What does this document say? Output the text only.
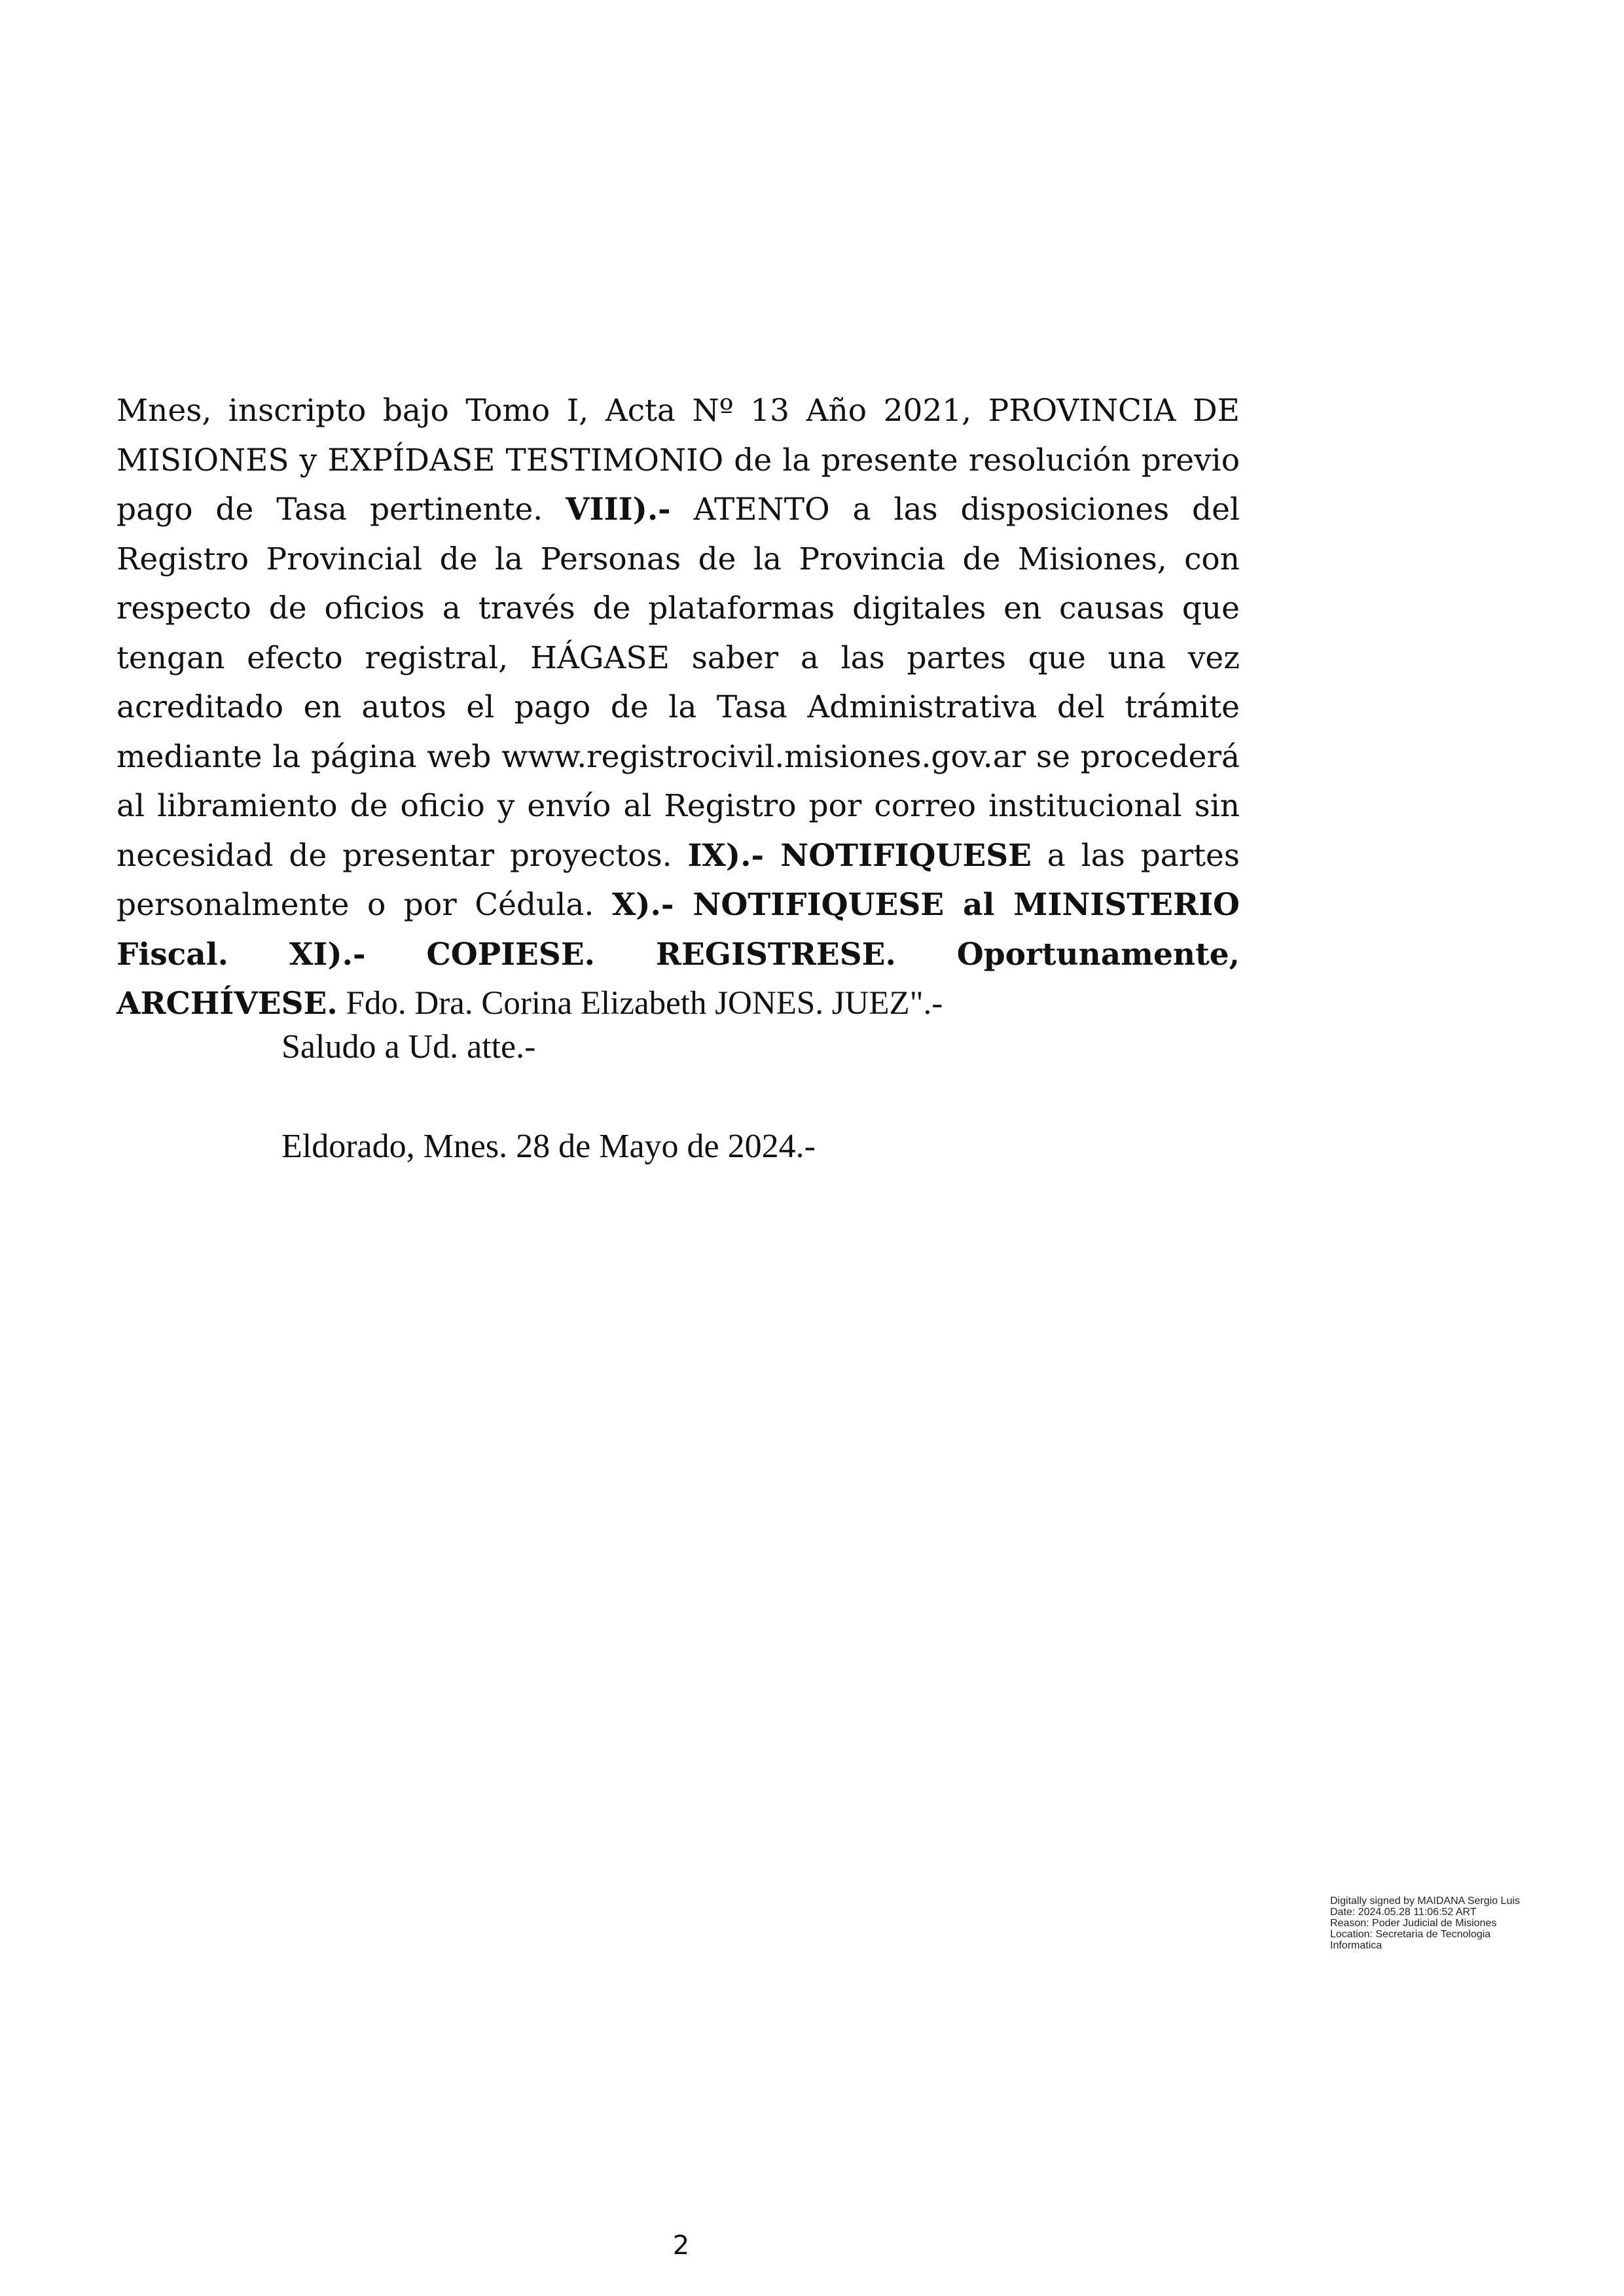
Mnes, inscripto bajo Tomo I, Acta Nº 13 Año 2021, PROVINCIA DE MISIONES y EXPÍDASE TESTIMONIO de la presente resolución previo pago de Tasa pertinente. VIII).- ATENTO a las disposiciones del Registro Provincial de la Personas de la Provincia de Misiones, con respecto de oficios a través de plataformas digitales en causas que tengan efecto registral, HÁGASE saber a las partes que una vez acreditado en autos el pago de la Tasa Administrativa del trámite mediante la página web www.registrocivil.misiones.gov.ar se procederá al libramiento de oficio y envío al Registro por correo institucional sin necesidad de presentar proyectos. IX).- NOTIFIQUESE a las partes personalmente o por Cédula. X).- NOTIFIQUESE al MINISTERIO Fiscal. XI).- COPIESE. REGISTRESE. Oportunamente, ARCHÍVESE. Fdo. Dra. Corina Elizabeth JONES. JUEZ".-

Saludo a Ud. atte.-

Eldorado, Mnes. 28 de Mayo de 2024.-

Digitally signed by MAIDANA Sergio Luis
Date: 2024.05.28 11:06:52 ART
Reason: Poder Judicial de Misiones
Location: Secretaria de Tecnologia
Informatica
2
